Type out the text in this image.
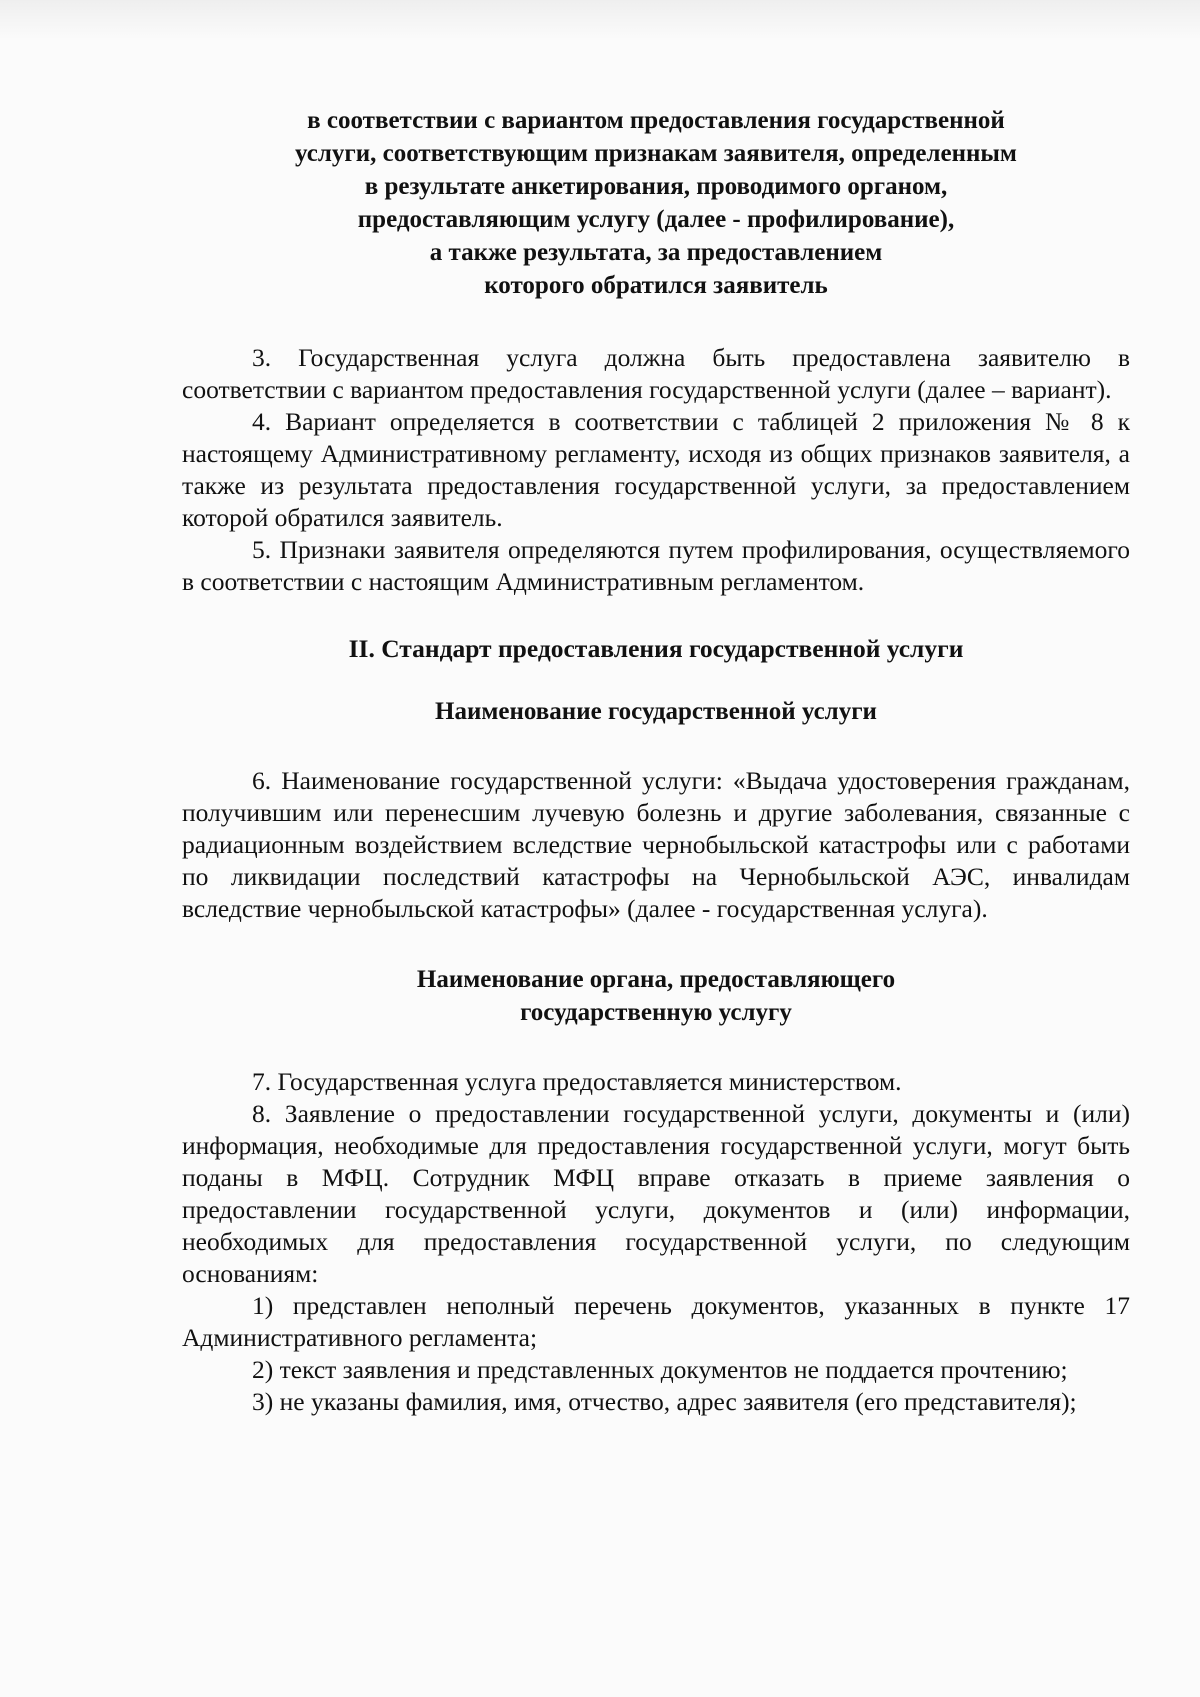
в соответствии с вариантом предоставления государственной
услуги, соответствующим признакам заявителя, определенным
в результате анкетирования, проводимого органом,
предоставляющим услугу (далее - профилирование),
а также результата, за предоставлением
которого обратился заявитель

3. Государственная услуга должна быть предоставлена заявителю в соответствии с вариантом предоставления государственной услуги (далее – вариант).

4. Вариант определяется в соответствии с таблицей 2 приложения № 8 к настоящему Административному регламенту, исходя из общих признаков заявителя, а также из результата предоставления государственной услуги, за предоставлением которой обратился заявитель.

5. Признаки заявителя определяются путем профилирования, осуществляемого в соответствии с настоящим Административным регламентом.

II. Стандарт предоставления государственной услуги
Наименование государственной услуги

6. Наименование государственной услуги: «Выдача удостоверения гражданам, получившим или перенесшим лучевую болезнь и другие заболевания, связанные с радиационным воздействием вследствие чернобыльской катастрофы или с работами по ликвидации последствий катастрофы на Чернобыльской АЭС, инвалидам вследствие чернобыльской катастрофы» (далее - государственная услуга).

Наименование органа, предоставляющего
государственную услугу

7. Государственная услуга предоставляется министерством.

8. Заявление о предоставлении государственной услуги, документы и (или) информация, необходимые для предоставления государственной услуги, могут быть поданы в МФЦ. Сотрудник МФЦ вправе отказать в приеме заявления о предоставлении государственной услуги, документов и (или) информации, необходимых для предоставления государственной услуги, по следующим основаниям:

1) представлен неполный перечень документов, указанных в пункте 17 Административного регламента;

2) текст заявления и представленных документов не поддается прочтению;

3) не указаны фамилия, имя, отчество, адрес заявителя (его представителя);
